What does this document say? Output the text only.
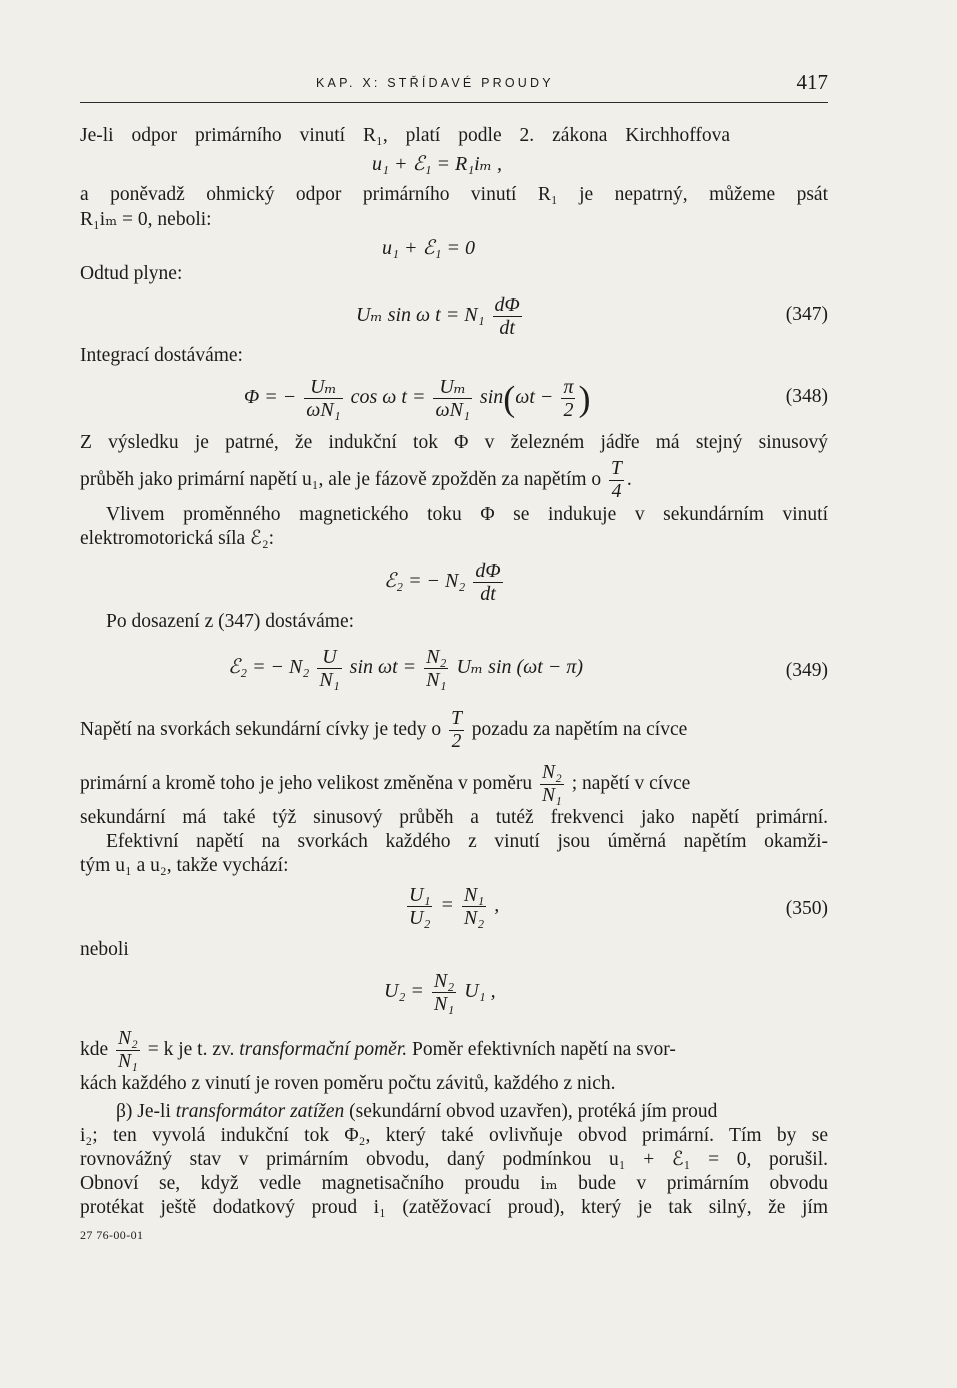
KAP. X: STŘÍDAVÉ PROUDY	417
Je-li odpor primárního vinutí R₁, platí podle 2. zákona Kirchhoffova
u₁ + ℰ₁ = R₁iₘ ,
a poněvadž ohmický odpor primárního vinutí R₁ je nepatrný, můžeme psát
R₁iₘ = 0, neboli:
u₁ + ℰ₁ = 0
Odtud plyne:
Uₘ sin ω $t = N_1 \frac{d\Phi}{dt}$	(347)
Integrací dostáváme:
Φ = − $\frac{\text{Uₘ}}{\text{ωN₁}}$ cos ω $t = \frac{\text{Uₘ}}{\text{ωN₁}} \sin(\omega t - \frac{\pi}{2}$ )	(348)
Z výsledku je patrné, že indukční tok Φ v železném jádře má stejný sinusový
průběh jako primární napětí u₁, ale je fázově zpožděn za napětím o $\frac{T}{4}$ .
Vlivem proměnného magnetického toku Φ se indukuje v sekundárním vinutí
elektromotorická síla ℰ₂:
ℰ₂ = − $N_2 \frac{d\Phi}{dt}$
Po dosazení z (347) dostáváme:
ℰ₂ = − $N_2 \frac{U}{\text{N₁}}$ $\sin \omega t = \frac{\text{N₂}}{\text{N₁}}$ Uₘ sin (ωt − π)	(349)
Napětí na svorkách sekundární cívky je tedy o $\frac{T}{2}$ pozadu za napětím na cívce
primární a kromě toho je jeho velikost změněna v poměru $\frac{\text{N₂}}{\text{N₁}}$ ; napětí v cívce
sekundární má také týž sinusový průběh a tutéž frekvenci jako napětí primární.
Efektivní napětí na svorkách každého z vinutí jsou úměrná napětím okamži-
tým u₁ a u₂, takže vychází:
$\frac{\text{U₁}}{\text{U₂}} = \frac{\text{N₁}}{\text{N₂}}$ ,	(350)
neboli
$U_2 = \frac{\text{N₂}}{\text{N₁}} U_1$ ,
kde $\frac{\text{N₂}}{\text{N₁}} = k$ je t. zv. transformační poměr. Poměr efektivních napětí na svor-
kách každého z vinutí je roven poměru počtu závitů, každého z nich.
β) Je-li transformátor zatížen (sekundární obvod uzavřen), protéká jím proud
i₂; ten vyvolá indukční tok Φ₂, který také ovlivňuje obvod primární. Tím by se
rovnovážný stav v primárním obvodu, daný podmínkou u₁ + ℰ₁ = 0, porušil.
Obnoví se, když vedle magnetisačního proudu iₘ bude v primárním obvodu
protékat ještě dodatkový proud i₁ (zatěžovací proud), který je tak silný, že jím
27 76-00-01
